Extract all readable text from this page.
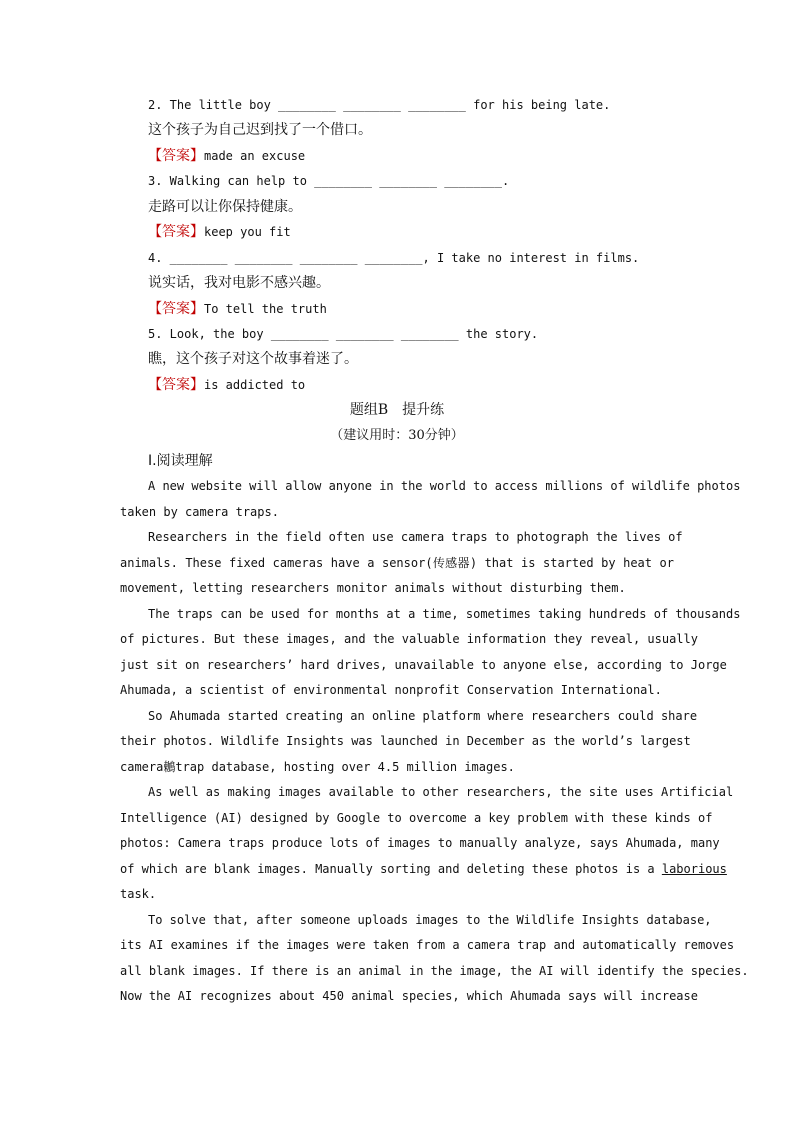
2. The little boy ________ ________ ________ for his being late.
这个孩子为自己迟到找了一个借口。
【答案】made an excuse
3. Walking can help to ________ ________ ________.
走路可以让你保持健康。
【答案】keep you fit
4. ________ ________ ________ ________, I take no interest in films.
说实话，我对电影不感兴趣。
【答案】To tell the truth
5. Look, the boy ________ ________ ________ the story.
瞧，这个孩子对这个故事着迷了。
【答案】is addicted to
题组B　提升练
（建议用时：30分钟）
Ⅰ.阅读理解
A new website will allow anyone in the world to access millions of wildlife photos
taken by camera traps.
Researchers in the field often use camera traps to photograph the lives of
animals. These fixed cameras have a sensor(传感器) that is started by heat or
movement, letting researchers monitor animals without disturbing them.
The traps can be used for months at a time, sometimes taking hundreds of thousands
of pictures. But these images, and the valuable information they reveal, usually
just sit on researchers’ hard drives, unavailable to anyone else, according to Jorge
Ahumada, a scientist of environmental nonprofit Conservation International.
So Ahumada started creating an online platform where researchers could share
their photos. Wildlife Insights was launched in December as the world’s largest
camera鶒trap database, hosting over 4.5 million images.
As well as making images available to other researchers, the site uses Artificial
Intelligence (AI) designed by Google to overcome a key problem with these kinds of
photos: Camera traps produce lots of images to manually analyze, says Ahumada, many
of which are blank images. Manually sorting and deleting these photos is a laborious
task.
To solve that, after someone uploads images to the Wildlife Insights database,
its AI examines if the images were taken from a camera trap and automatically removes
all blank images. If there is an animal in the image, the AI will identify the species.
Now the AI recognizes about 450 animal species, which Ahumada says will increase
